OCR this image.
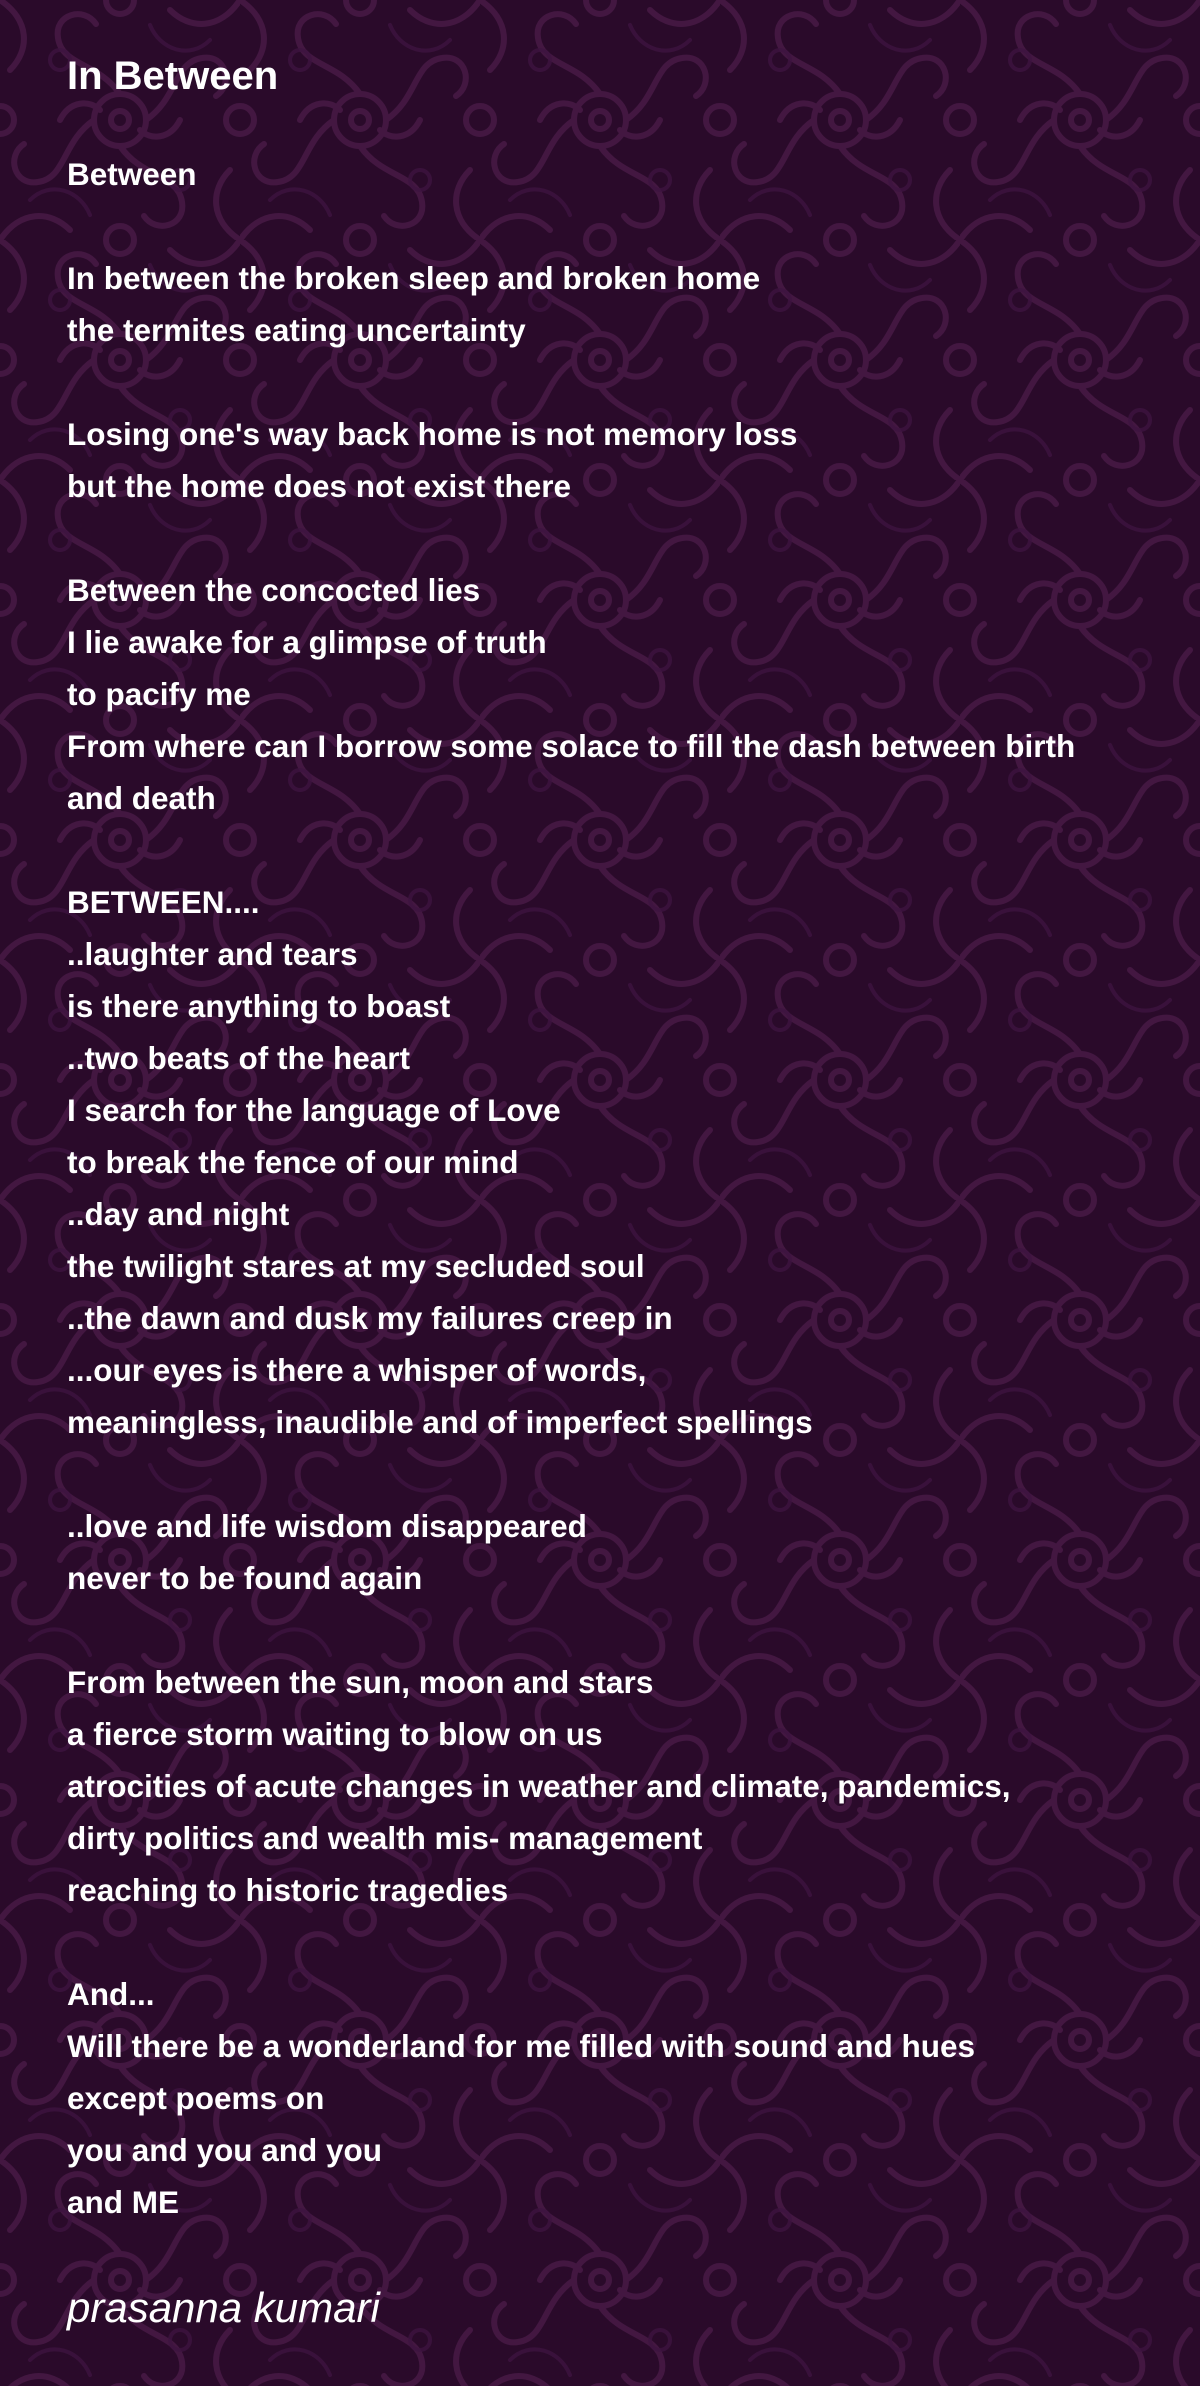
In Between
Between
In between the broken sleep and broken home
the termites eating uncertainty
Losing one's way back home is not memory loss
but the home does not exist there
Between the concocted lies
I lie awake for a glimpse of truth
to pacify me
From where can I borrow some solace to fill the dash between birth
and death
BETWEEN....
..laughter and tears
is there anything to boast
..two beats of the heart
I search for the language of Love
to break the fence of our mind
..day and night
the twilight stares at my secluded soul
..the dawn and dusk my failures creep in
...our eyes is there a whisper of words,
meaningless, inaudible and of imperfect spellings
..love and life wisdom disappeared
never to be found again
From between the sun, moon and stars
a fierce storm waiting to blow on us
atrocities of acute changes in weather and climate, pandemics,
dirty politics and wealth mis- management
reaching to historic tragedies
And...
Will there be a wonderland for me filled with sound and hues
except poems on
you and you and you
and ME

prasanna kumari
